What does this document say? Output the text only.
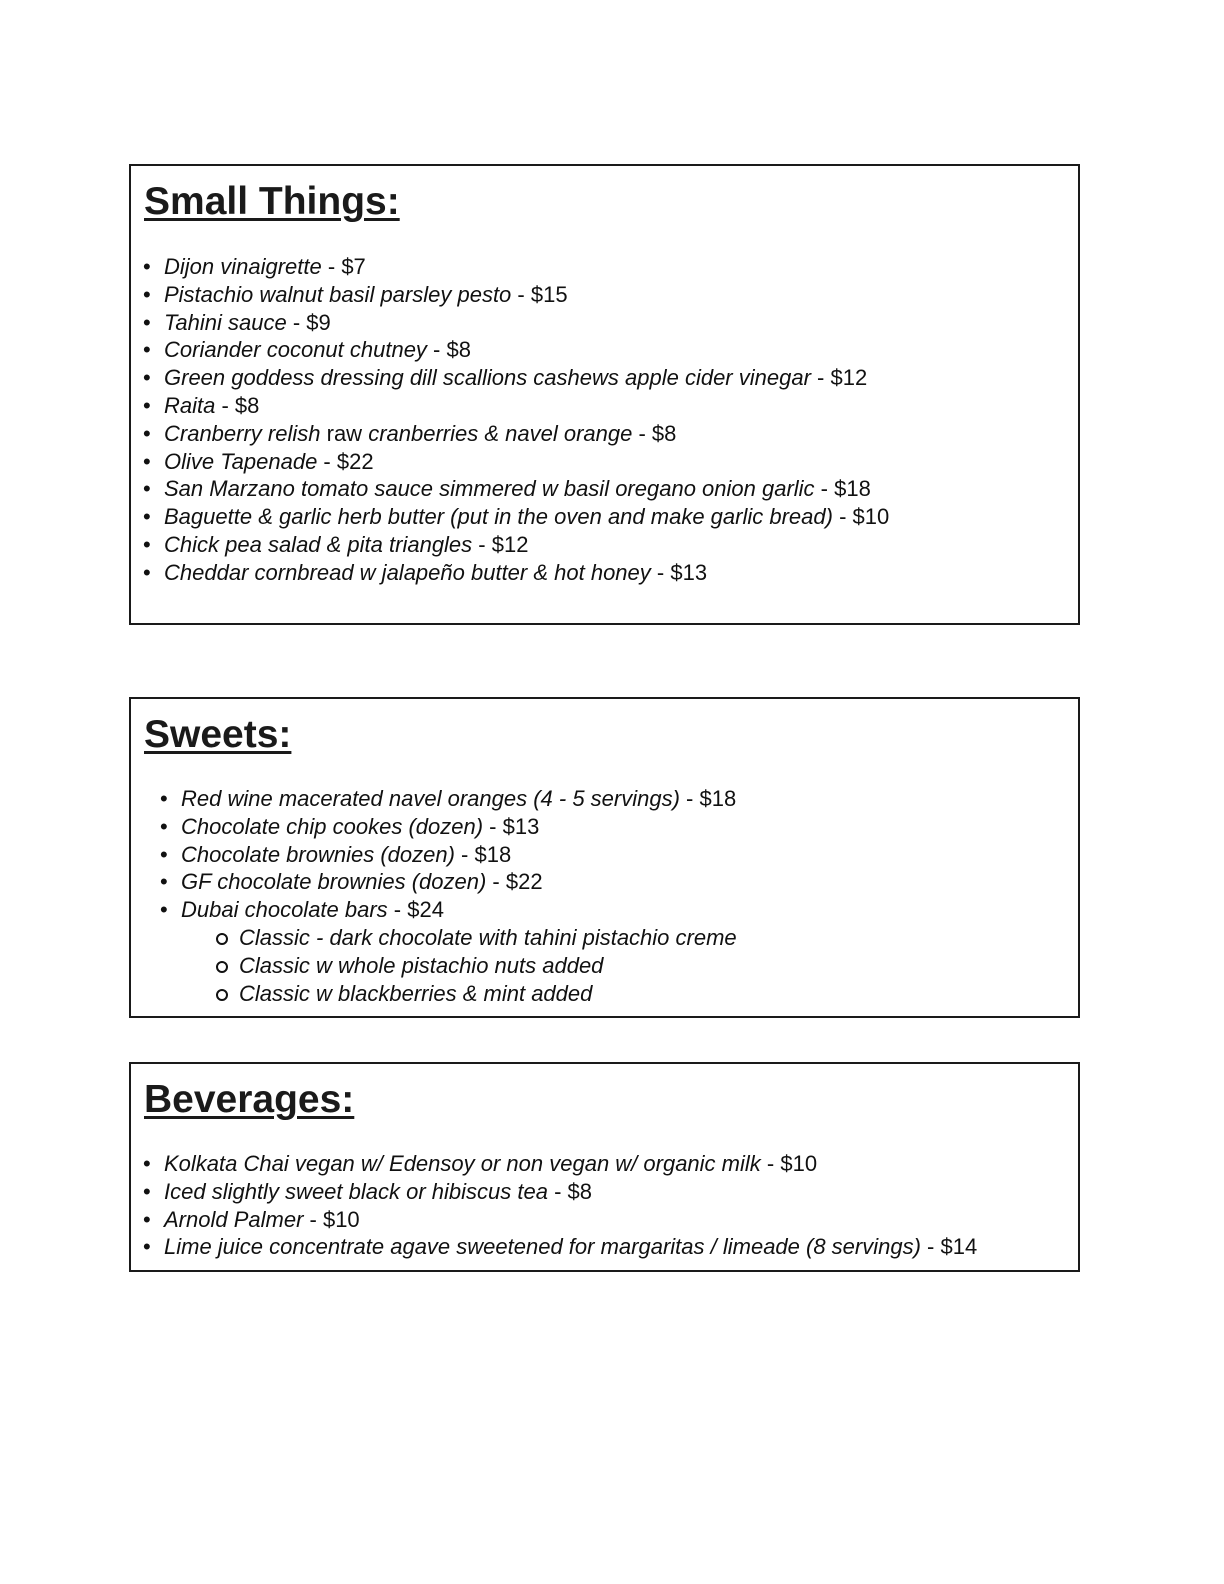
Small Things:
• Dijon vinaigrette - $7
• Pistachio walnut basil parsley pesto - $15
• Tahini sauce - $9
• Coriander coconut chutney - $8
• Green goddess dressing dill scallions cashews apple cider vinegar - $12
• Raita - $8
• Cranberry relish raw cranberries & navel orange - $8
• Olive Tapenade - $22
• San Marzano tomato sauce simmered w basil oregano onion garlic - $18
• Baguette & garlic herb butter (put in the oven and make garlic bread) - $10
• Chick pea salad & pita triangles - $12
• Cheddar cornbread w jalapeño butter & hot honey - $13
Sweets:
• Red wine macerated navel oranges (4 - 5 servings) - $18
• Chocolate chip cookes (dozen) - $13
• Chocolate brownies (dozen) - $18
• GF chocolate brownies (dozen) - $22
• Dubai chocolate bars - $24
Classic - dark chocolate with tahini pistachio creme
Classic w whole pistachio nuts added
Classic w blackberries & mint added
Beverages:
• Kolkata Chai vegan w/ Edensoy or non vegan w/ organic milk - $10
• Iced slightly sweet black or hibiscus tea - $8
• Arnold Palmer - $10
• Lime juice concentrate agave sweetened for margaritas / limeade (8 servings) - $14
